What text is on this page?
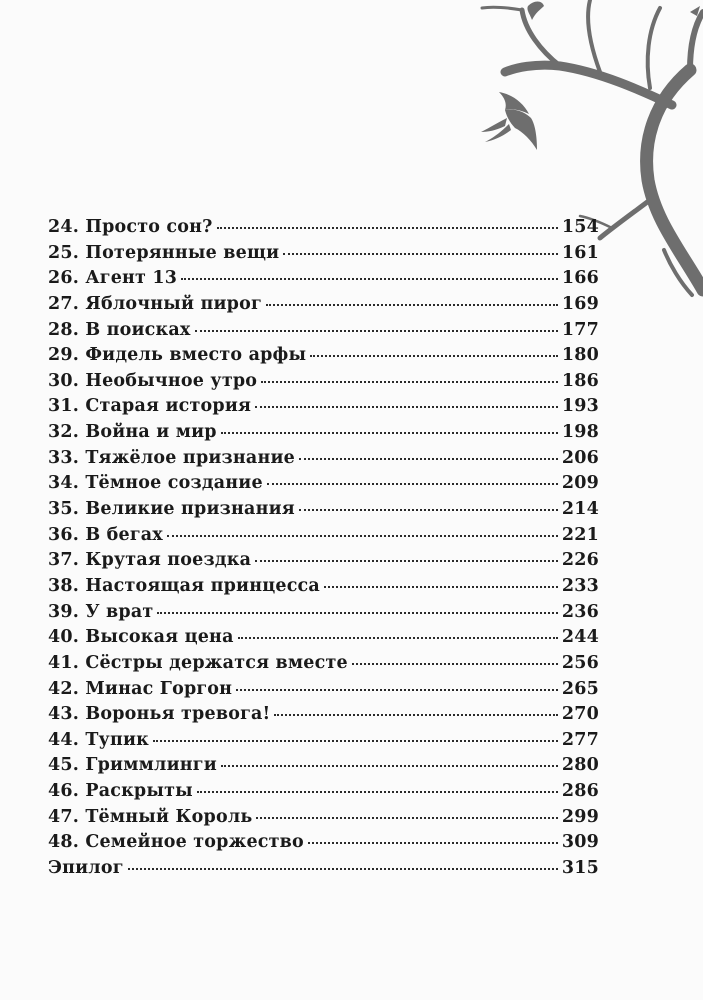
24. Просто сон?	154
25. Потерянные вещи	161
26. Агент 13	166
27. Яблочный пирог	169
28. В поисках	177
29. Фидель вместо арфы	180
30. Необычное утро	186
31. Старая история	193
32. Война и мир	198
33. Тяжёлое признание	206
34. Тёмное создание	209
35. Великие признания	214
36. В бегах	221
37. Крутая поездка	226
38. Настоящая принцесса	233
39. У врат	236
40. Высокая цена	244
41. Сёстры держатся вместе	256
42. Минас Горгон	265
43. Воронья тревога!	270
44. Тупик	277
45. Гриммлинги	280
46. Раскрыты	286
47. Тёмный Король	299
48. Семейное торжество	309
Эпилог	315
